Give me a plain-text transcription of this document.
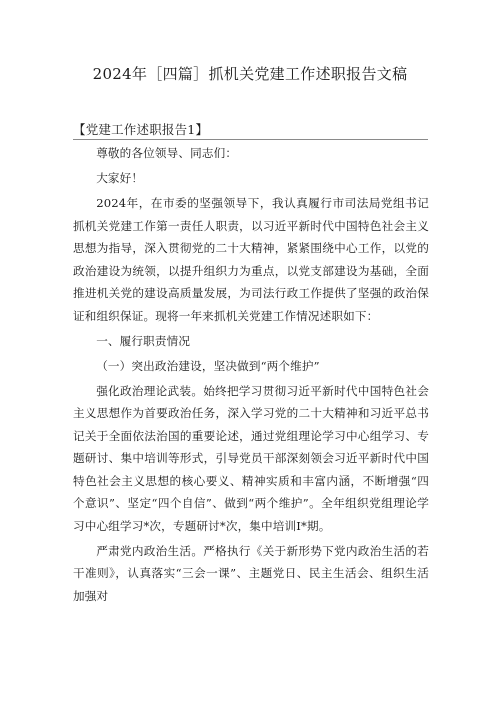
2024年［四篇］抓机关党建工作述职报告文稿
【党建工作述职报告1】

尊敬的各位领导、同志们：

大家好！

2024年，在市委的坚强领导下，我认真履行市司法局党组书记抓机关党建工作第一责任人职责，以习近平新时代中国特色社会主义思想为指导，深入贯彻党的二十大精神，紧紧围绕中心工作，以党的政治建设为统领，以提升组织力为重点，以党支部建设为基础，全面推进机关党的建设高质量发展，为司法行政工作提供了坚强的政治保证和组织保证。现将一年来抓机关党建工作情况述职如下：

一、履行职责情况

（一）突出政治建设，坚决做到“两个维护”

强化政治理论武装。始终把学习贯彻习近平新时代中国特色社会主义思想作为首要政治任务，深入学习党的二十大精神和习近平总书记关于全面依法治国的重要论述，通过党组理论学习中心组学习、专题研讨、集中培训等形式，引导党员干部深刻领会习近平新时代中国特色社会主义思想的核心要义、精神实质和丰富内涵，不断增强“四个意识”、坚定“四个自信”、做到“两个维护”。全年组织党组理论学习中心组学习*次，专题研讨*次，集中培训I*期。

严肃党内政治生活。严格执行《关于新形势下党内政治生活的若干准则》，认真落实“三会一课”、主题党日、民主生活会、组织生活加强对
